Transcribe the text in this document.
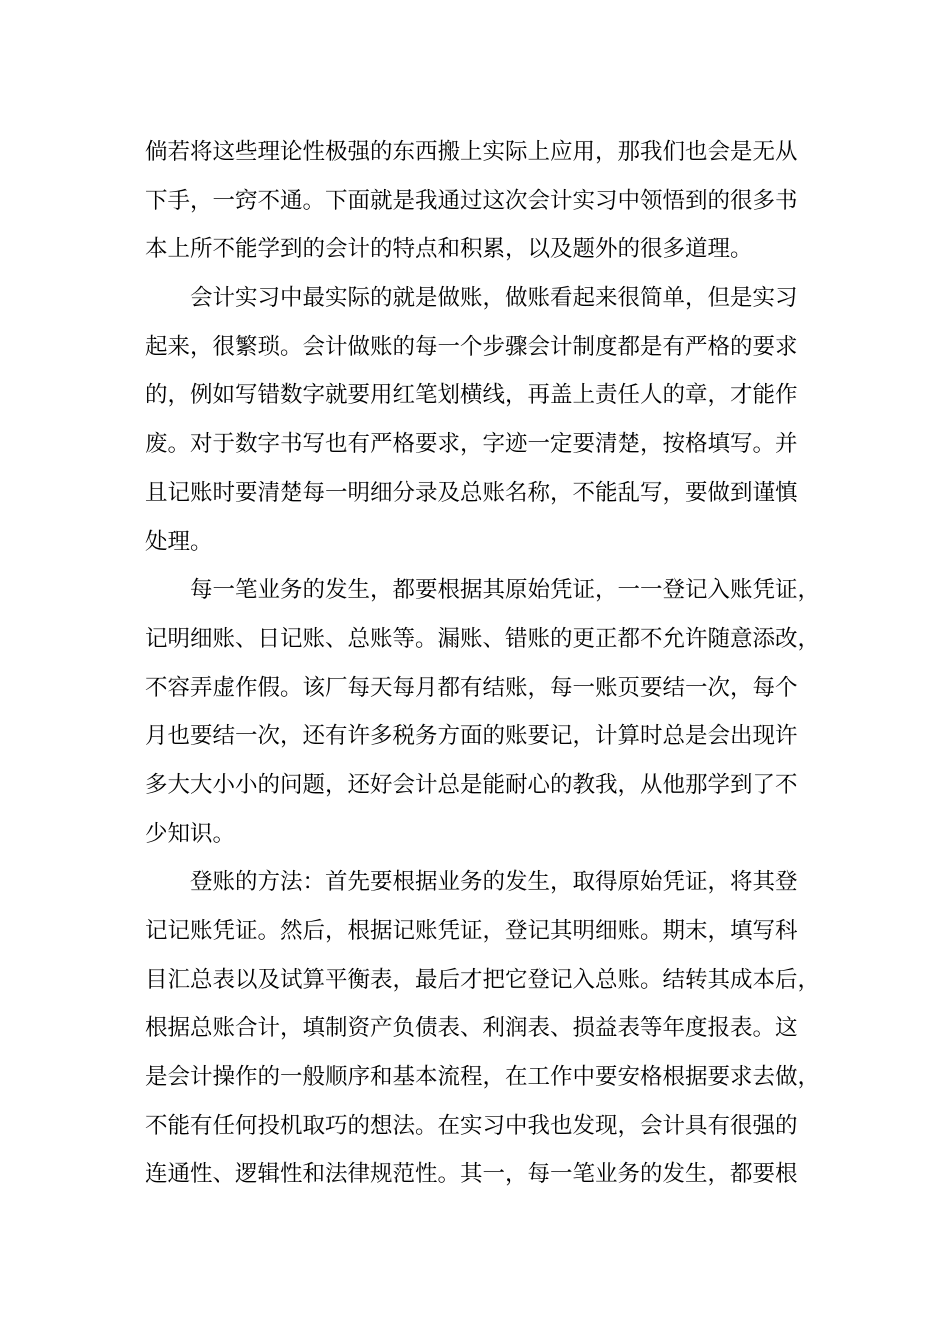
倘若将这些理论性极强的东西搬上实际上应用，那我们也会是无从
下手，一窍不通。下面就是我通过这次会计实习中领悟到的很多书
本上所不能学到的会计的特点和积累，以及题外的很多道理。
　　会计实习中最实际的就是做账，做账看起来很简单，但是实习
起来，很繁琐。会计做账的每一个步骤会计制度都是有严格的要求
的，例如写错数字就要用红笔划横线，再盖上责任人的章，才能作
废。对于数字书写也有严格要求，字迹一定要清楚，按格填写。并
且记账时要清楚每一明细分录及总账名称，不能乱写，要做到谨慎
处理。
　　每一笔业务的发生，都要根据其原始凭证，一一登记入账凭证，
记明细账、日记账、总账等。漏账、错账的更正都不允许随意添改，
不容弄虚作假。该厂每天每月都有结账，每一账页要结一次，每个
月也要结一次，还有许多税务方面的账要记，计算时总是会出现许
多大大小小的问题，还好会计总是能耐心的教我，从他那学到了不
少知识。
　　登账的方法：首先要根据业务的发生，取得原始凭证，将其登
记记账凭证。然后，根据记账凭证，登记其明细账。期末，填写科
目汇总表以及试算平衡表，最后才把它登记入总账。结转其成本后，
根据总账合计，填制资产负债表、利润表、损益表等年度报表。这
是会计操作的一般顺序和基本流程，在工作中要安格根据要求去做，
不能有任何投机取巧的想法。在实习中我也发现，会计具有很强的
连通性、逻辑性和法律规范性。其一，每一笔业务的发生，都要根
